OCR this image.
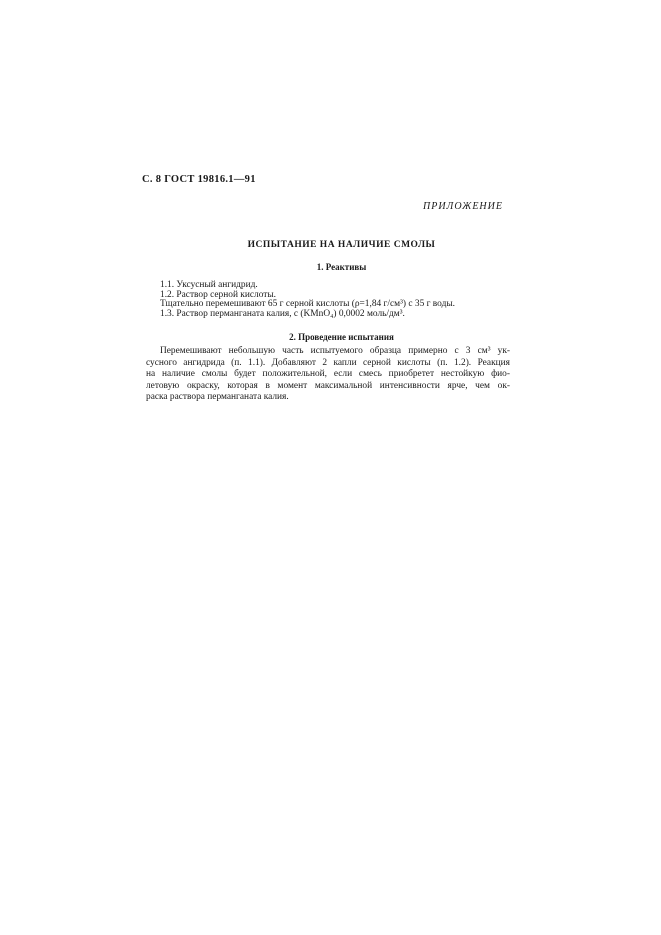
С. 8 ГОСТ 19816.1—91
ПРИЛОЖЕНИЕ
ИСПЫТАНИЕ НА НАЛИЧИЕ СМОЛЫ
1. Реактивы
1.1. Уксусный ангидрид.
1.2. Раствор серной кислоты.
Тщательно перемешивают 65 г серной кислоты (ρ=1,84 г/см³) с 35 г воды.
1.3. Раствор перманганата калия, c (KMnO₄) 0,0002 моль/дм³.
2. Проведение испытания
Перемешивают небольшую часть испытуемого образца примерно с 3 см³ ук-
сусного ангидрида (п. 1.1). Добавляют 2 капли серной кислоты (п. 1.2). Реакция
на наличие смолы будет положительной, если смесь приобретет нестойкую фио-
летовую окраску, которая в момент максимальной интенсивности ярче, чем ок-
раска раствора перманганата калия.
